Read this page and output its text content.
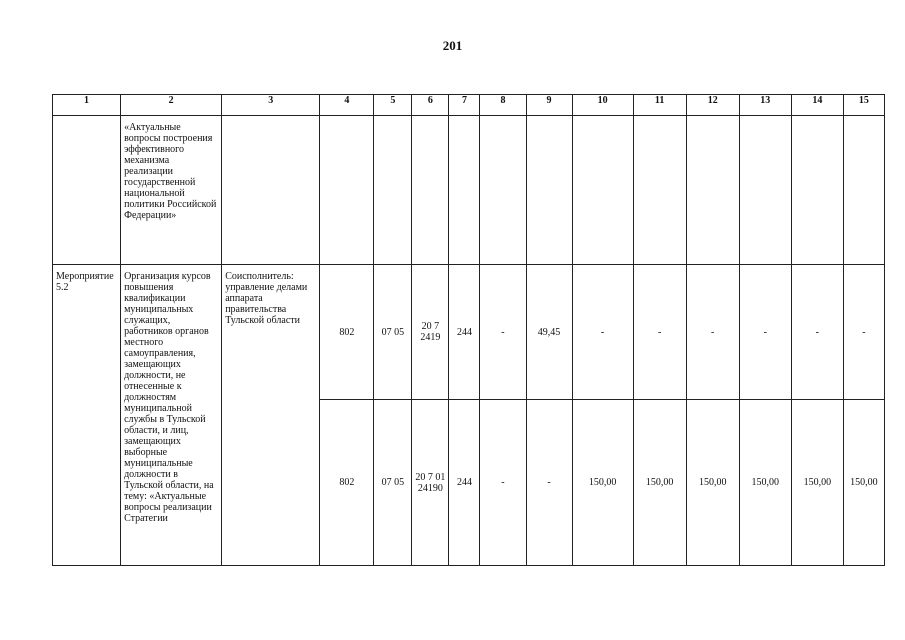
201
1	2	3	4	5	6	7	8	9	10	11	12	13	14	15
	«Актуальные вопросы построения эффективного механизма реализации государственной национальной политики Российской Федерации»													
Мероприятие 5.2	Организация курсов повышения квалификации муниципальных служащих, работников органов местного самоуправления, замещающих должности, не отнесенные к должностям муниципальной службы в Тульской области, и лиц, замещающих выборные муниципальные должности в Тульской области, на тему: «Актуальные вопросы реализации Стратегии	Соисполнитель: управление делами аппарата правительства Тульской области	802	07 05	20 7 2419	244	-	49,45	-	-	-	-	-	-
			802	07 05	20 7 01 24190	244	-	-	150,00	150,00	150,00	150,00	150,00	150,00
